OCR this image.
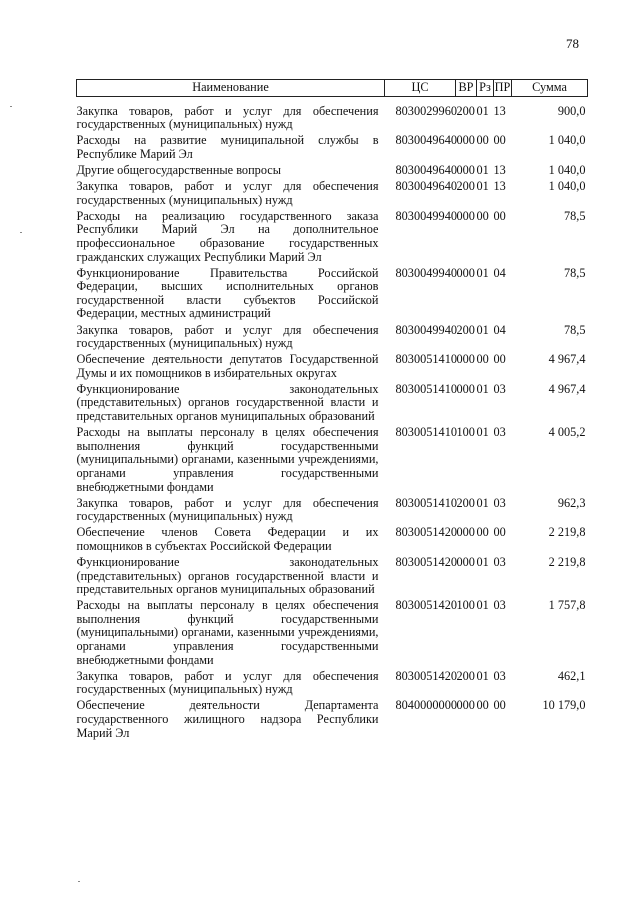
78
Наименование	ЦС	ВР	Рз	ПР	Сумма
Закупка товаров, работ и услуг для обеспечения государственных (муниципальных) нужд	8030029960	200	01	13	900,0
Расходы на развитие муниципальной службы в Республике Марий Эл	8030049640	000	00	00	1 040,0
Другие общегосударственные вопросы	8030049640	000	01	13	1 040,0
Закупка товаров, работ и услуг для обеспечения государственных (муниципальных) нужд	8030049640	200	01	13	1 040,0
Расходы на реализацию государственного заказа Республики Марий Эл на дополнительное профессиональное образование государственных гражданских служащих Республики Марий Эл	8030049940	000	00	00	78,5
Функционирование Правительства Российской Федерации, высших исполнительных органов государственной власти субъектов Российской Федерации, местных администраций	8030049940	000	01	04	78,5
Закупка товаров, работ и услуг для обеспечения государственных (муниципальных) нужд	8030049940	200	01	04	78,5
Обеспечение деятельности депутатов Государственной Думы и их помощников в избирательных округах	8030051410	000	00	00	4 967,4
Функционирование законодательных (представительных) органов государственной власти и представительных органов муниципальных образований	8030051410	000	01	03	4 967,4
Расходы на выплаты персоналу в целях обеспечения выполнения функций государственными (муниципальными) органами, казенными учреждениями, органами управления государственными внебюджетными фондами	8030051410	100	01	03	4 005,2
Закупка товаров, работ и услуг для обеспечения государственных (муниципальных) нужд	8030051410	200	01	03	962,3
Обеспечение членов Совета Федерации и их помощников в субъектах Российской Федерации	8030051420	000	00	00	2 219,8
Функционирование законодательных (представительных) органов государственной власти и представительных органов муниципальных образований	8030051420	000	01	03	2 219,8
Расходы на выплаты персоналу в целях обеспечения выполнения функций государственными (муниципальными) органами, казенными учреждениями, органами управления государственными внебюджетными фондами	8030051420	100	01	03	1 757,8
Закупка товаров, работ и услуг для обеспечения государственных (муниципальных) нужд	8030051420	200	01	03	462,1
Обеспечение деятельности Департамента государственного жилищного надзора Республики Марий Эл	8040000000	000	00	00	10 179,0
